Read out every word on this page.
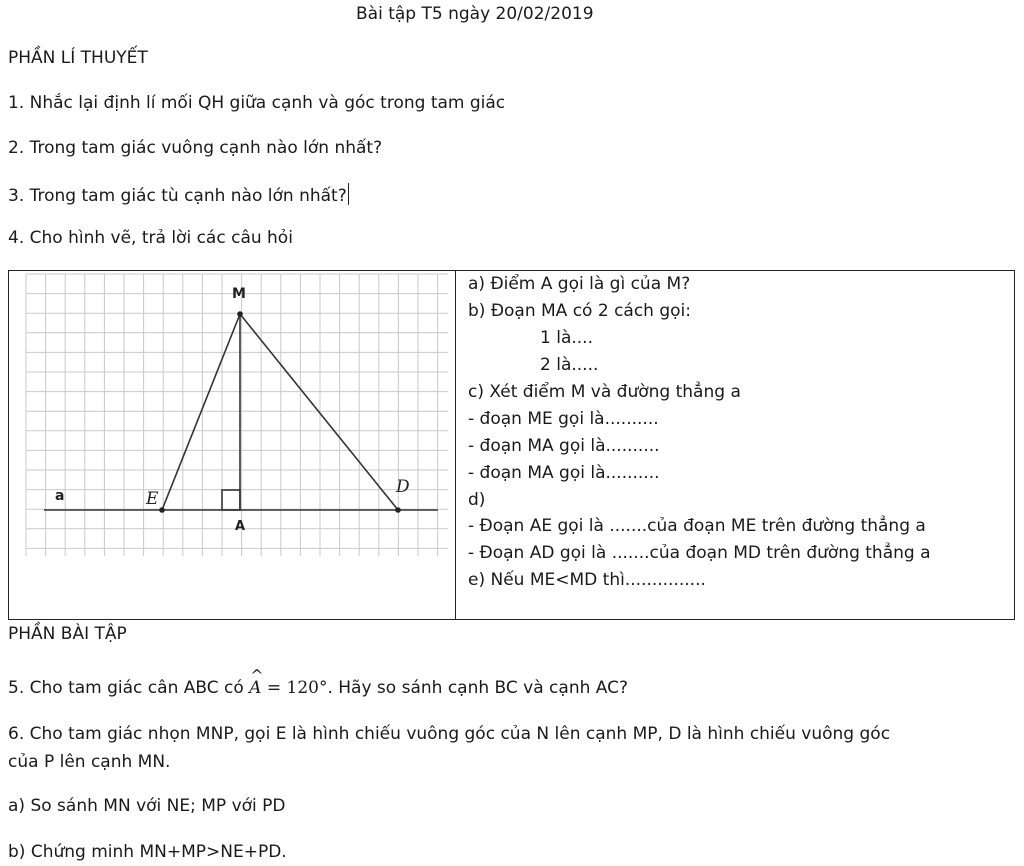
Bài tập T5 ngày 20/02/2019
PHẦN LÍ THUYẾT
1. Nhắc lại định lí mối QH giữa cạnh và góc trong tam giác
2. Trong tam giác vuông cạnh nào lớn nhất?
3. Trong tam giác tù cạnh nào lớn nhất?
4. Cho hình vẽ, trả lời các câu hỏi
M
E
A
D
a
a) Điểm A gọi là gì của M?
b) Đoạn MA có 2 cách gọi:
1 là....
2 là.....
c) Xét điểm M và đường thẳng a
- đoạn ME gọi là..........
- đoạn MA gọi là..........
- đoạn MA gọi là..........
d)
- Đoạn AE gọi là .......của đoạn ME trên đường thẳng a
- Đoạn AD gọi là .......của đoạn MD trên đường thẳng a
e) Nếu ME<MD thì...............
PHẦN BÀI TẬP
5. Cho tam giác cân ABC có ^ A = 120°. Hãy so sánh cạnh BC và cạnh AC?
6. Cho tam giác nhọn MNP, gọi E là hình chiếu vuông góc của N lên cạnh MP, D là hình chiếu vuông góc
của P lên cạnh MN.
a) So sánh MN với NE; MP với PD
b) Chứng minh MN+MP>NE+PD.
